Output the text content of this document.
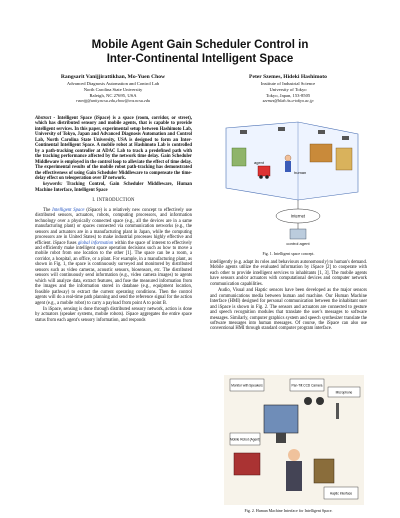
Mobile Agent Gain Scheduler Control in
Inter-Continental Intelligent Space
Rangsarit Vanijjirattikhan, Mo-Yuen Chow
Advanced Diagnosis Automation and Control Lab
North Carolina State University
Raleigh, NC 27695, USA
rvanijj@unity.ncsu.edu,chow@eos.ncsu.edu
Peter Szemes, Hideki Hashimoto
Institute of Industrial Science
University of Tokyo
Tokyo, Japan, 153-8505
szemes@hlab.iis.u-tokyo.ac.jp

Abstract - Intelligent Space (iSpace) is a space (room, corridor, or street), which has distributed sensory and mobile agents, that is capable to provide intelligent services. In this paper, experimental setup between Hashimoto Lab, University of Tokyo, Japan and Advanced Diagnosis Automation and Control Lab, North Carolina State University, USA is designed to form an Inter-Continental Intelligent Space. A mobile robot at Hashimoto Lab is controlled by a path-tracking controller at ADAC Lab to track a predefined path with the tracking performance affected by the network time delay. Gain Scheduler Middleware is employed in the control loop to alleviate the effect of time delay. The experimental results of the mobile robot path-tracking has demonstrated the effectiveness of using Gain Scheduler Middleware to compensate the time-delay effect on teleoperation over IP network.

keywords: Tracking Control, Gain Scheduler Middleware, Human Machine Interface, Intelligent Space

I. INTRODUCTION

The Intelligent Space (iSpace) is a relatively new concept to effectively use distributed sensors, actuators, robots, computing processors, and information technology over a physically connected space (e.g., all the devices are in a same manufacturing plant) or spaces connected via communication networks (e.g., the sensors and actuators are in a manufacturing plant in Japan, while the computing processors are in United States) to make industrial processes highly effective and efficient. iSpace fuses global information within the space of interest to effectively and efficiently make intelligent space operation decisions such as how to move a mobile robot from one location to the other [1]. The space can be a room, a corridor, a hospital, an office, or a plant. For example, in a manufacturing plant, as shown in Fig. 1, the space is continuously surveyed and monitored by distributed sensors such as video cameras, acoustic sensors, biosensors, etc. The distributed sensors will continuously send information (e.g., video camera images) to agents which will analyze data, extract features, and fuse the measured information from the images and the information stored in database (e.g., equipment location, feasible pathway) to extract the current operating conditions. Then the control agents will do a real-time path planning and send the reference signal for the action agent (e.g., a mobile robot) to carry a payload from point A to point B.

In iSpace, sensing is done through distributed sensory network, action is done by actuators (speaker systems, mobile robots). iSpace aggregates the entire space status from each agent's sensory information, and responds

agent
human
Internet
control agent
Fig. 1. Intelligent space concept.

intelligently (e.g. adapt its roles and behaviours autonomously) to human's demand. Mobile agents utilize the evaluated information by iSpace [2] to cooperate with each other to provide intelligent services to inhabitants [1, 3]. The mobile agents have sensors and/or actuators with computational devices and computer network communication capabilities.

Audio, Visual and Haptic sensors have been developed as the major sensors and communications media between human and machine. Our Human Machine Interface (HMI) designed for personal communication between the inhabitant user and iSpace is shown in Fig. 2. The sensors and actuators are connected to gesture and speech recognition modules that translate the user's messages to software messages. Similarly, computer graphics system and speech synthesizer translate the software messages into human messages. Of course, the iSpace can also use conventional HMI through standard computer program interface.

Monitor with Speakers	Pan-Tilt CCD Camera
Microphone
Mobile Robot (Agent)
Haptic Interface
Fig. 2. Human Machine Interface for Intelligent Space.
